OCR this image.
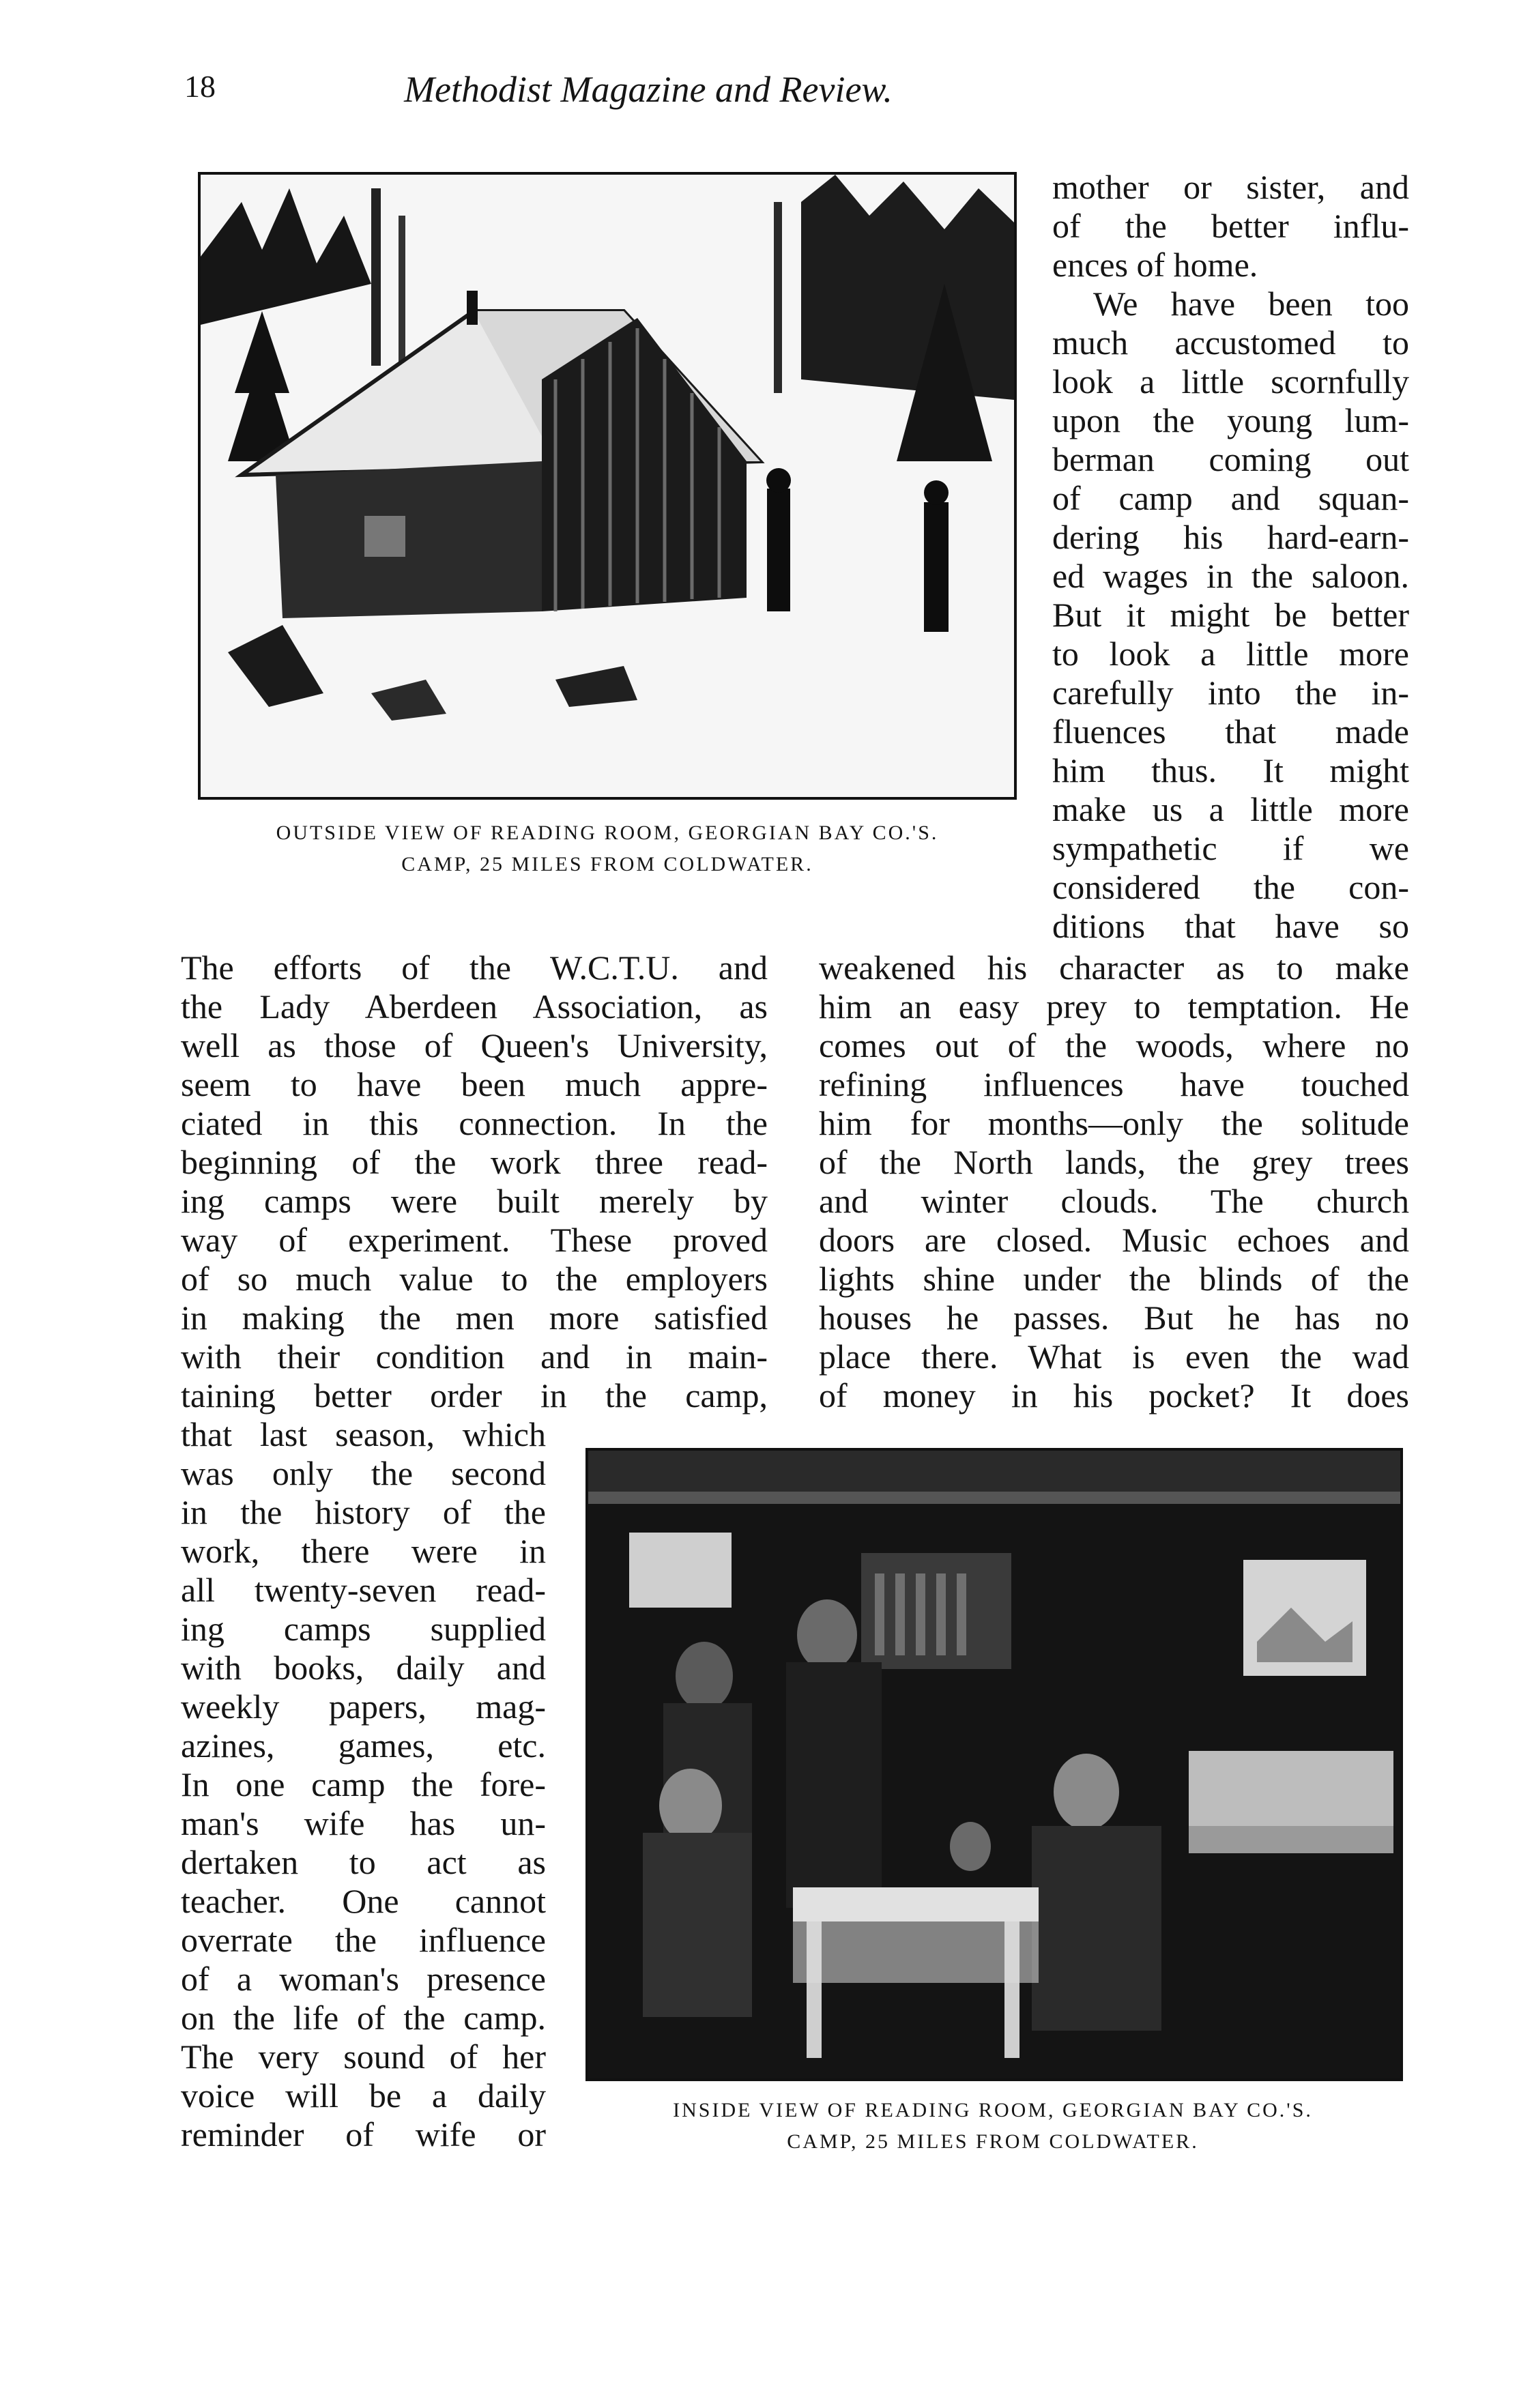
18	Methodist Magazine and Review.
OUTSIDE VIEW OF READING ROOM, GEORGIAN BAY CO.'S.
CAMP, 25 MILES FROM COLDWATER.
INSIDE VIEW OF READING ROOM, GEORGIAN BAY CO.'S.
CAMP, 25 MILES FROM COLDWATER.
mother or sister, and
of the better influ-
ences of home.
We have been too
much accustomed to
look a little scornfully
upon the young lum-
berman coming out
of camp and squan-
dering his hard-earn-
ed wages in the saloon.
But it might be better
to look a little more
carefully into the in-
fluences that made
him thus. It might
make us a little more
sympathetic if we
considered the con-
ditions that have so
The efforts of the W.C.T.U. and
the Lady Aberdeen Association, as
well as those of Queen's University,
seem to have been much appre-
ciated in this connection. In the
beginning of the work three read-
ing camps were built merely by
way of experiment. These proved
of so much value to the employers
in making the men more satisfied
with their condition and in main-
taining better order in the camp,
weakened his character as to make
him an easy prey to temptation. He
comes out of the woods, where no
refining influences have touched
him for months—only the solitude
of the North lands, the grey trees
and winter clouds. The church
doors are closed. Music echoes and
lights shine under the blinds of the
houses he passes. But he has no
place there. What is even the wad
of money in his pocket? It does
that last season, which
was only the second
in the history of the
work, there were in
all twenty-seven read-
ing camps supplied
with books, daily and
weekly papers, mag-
azines, games, etc.
In one camp the fore-
man's wife has un-
dertaken to act as
teacher. One cannot
overrate the influence
of a woman's presence
on the life of the camp.
The very sound of her
voice will be a daily
reminder of wife or
